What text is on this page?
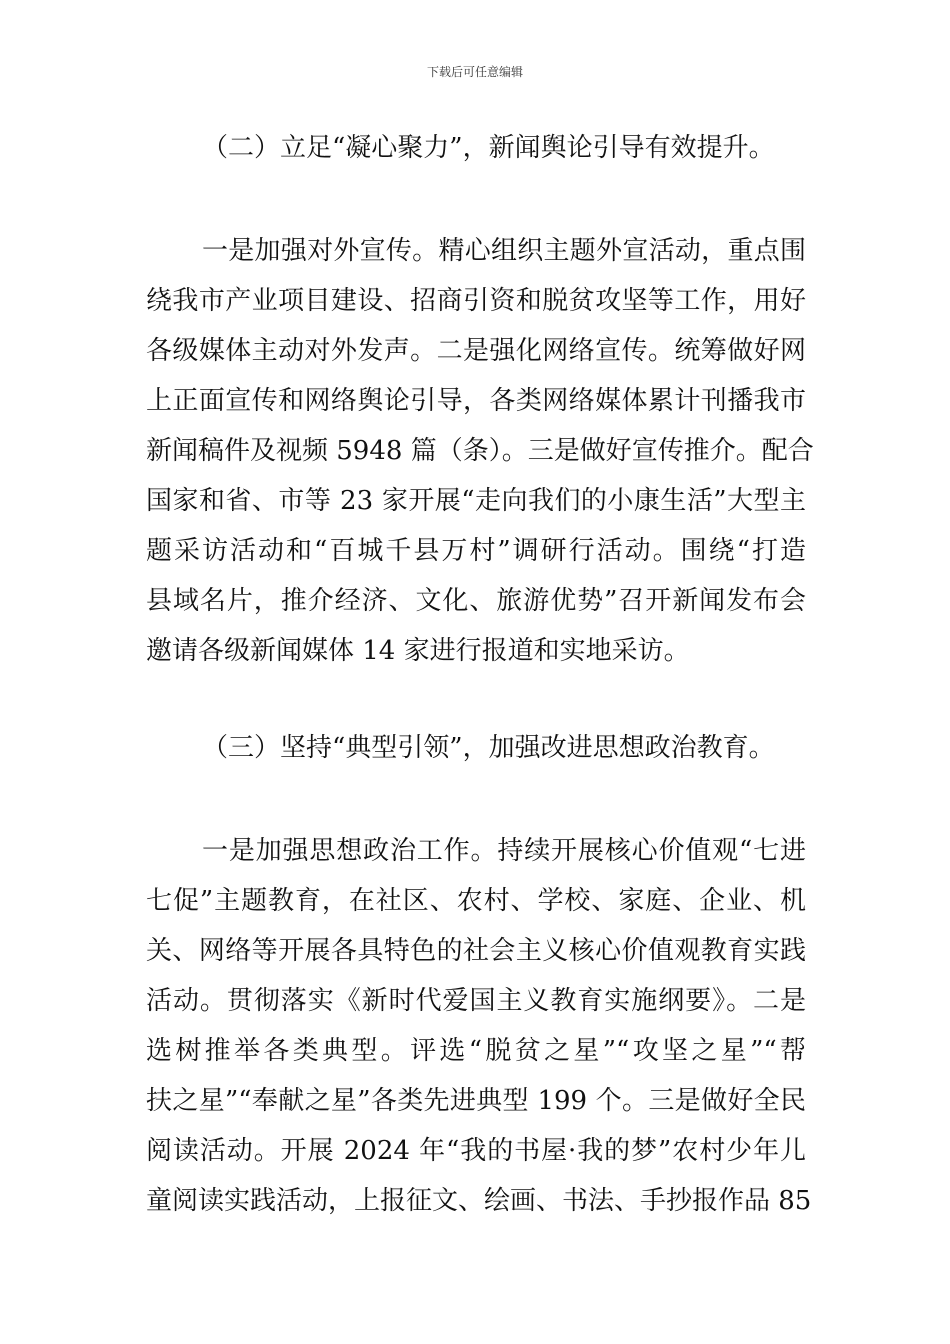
下载后可任意编辑
（二）立足“凝心聚力”，新闻舆论引导有效提升。
一是加强对外宣传。精心组织主题外宣活动，重点围
绕我市产业项目建设、招商引资和脱贫攻坚等工作，用好
各级媒体主动对外发声。二是强化网络宣传。统筹做好网
上正面宣传和网络舆论引导，各类网络媒体累计刊播我市
新闻稿件及视频 5948 篇（条）。三是做好宣传推介。配合
国家和省、市等 23 家开展“走向我们的小康生活”大型主
题采访活动和“百城千县万村”调研行活动。围绕“打造
县域名片，推介经济、文化、旅游优势”召开新闻发布会
邀请各级新闻媒体 14 家进行报道和实地采访。
（三）坚持“典型引领”，加强改进思想政治教育。
一是加强思想政治工作。持续开展核心价值观“七进
七促”主题教育，在社区、农村、学校、家庭、企业、机
关、网络等开展各具特色的社会主义核心价值观教育实践
活动。贯彻落实《新时代爱国主义教育实施纲要》。二是
选树推举各类典型。评选“脱贫之星”“攻坚之星”“帮
扶之星”“奉献之星”各类先进典型 199 个。三是做好全民
阅读活动。开展 2024 年“我的书屋·我的梦”农村少年儿
童阅读实践活动，上报征文、绘画、书法、手抄报作品 85
